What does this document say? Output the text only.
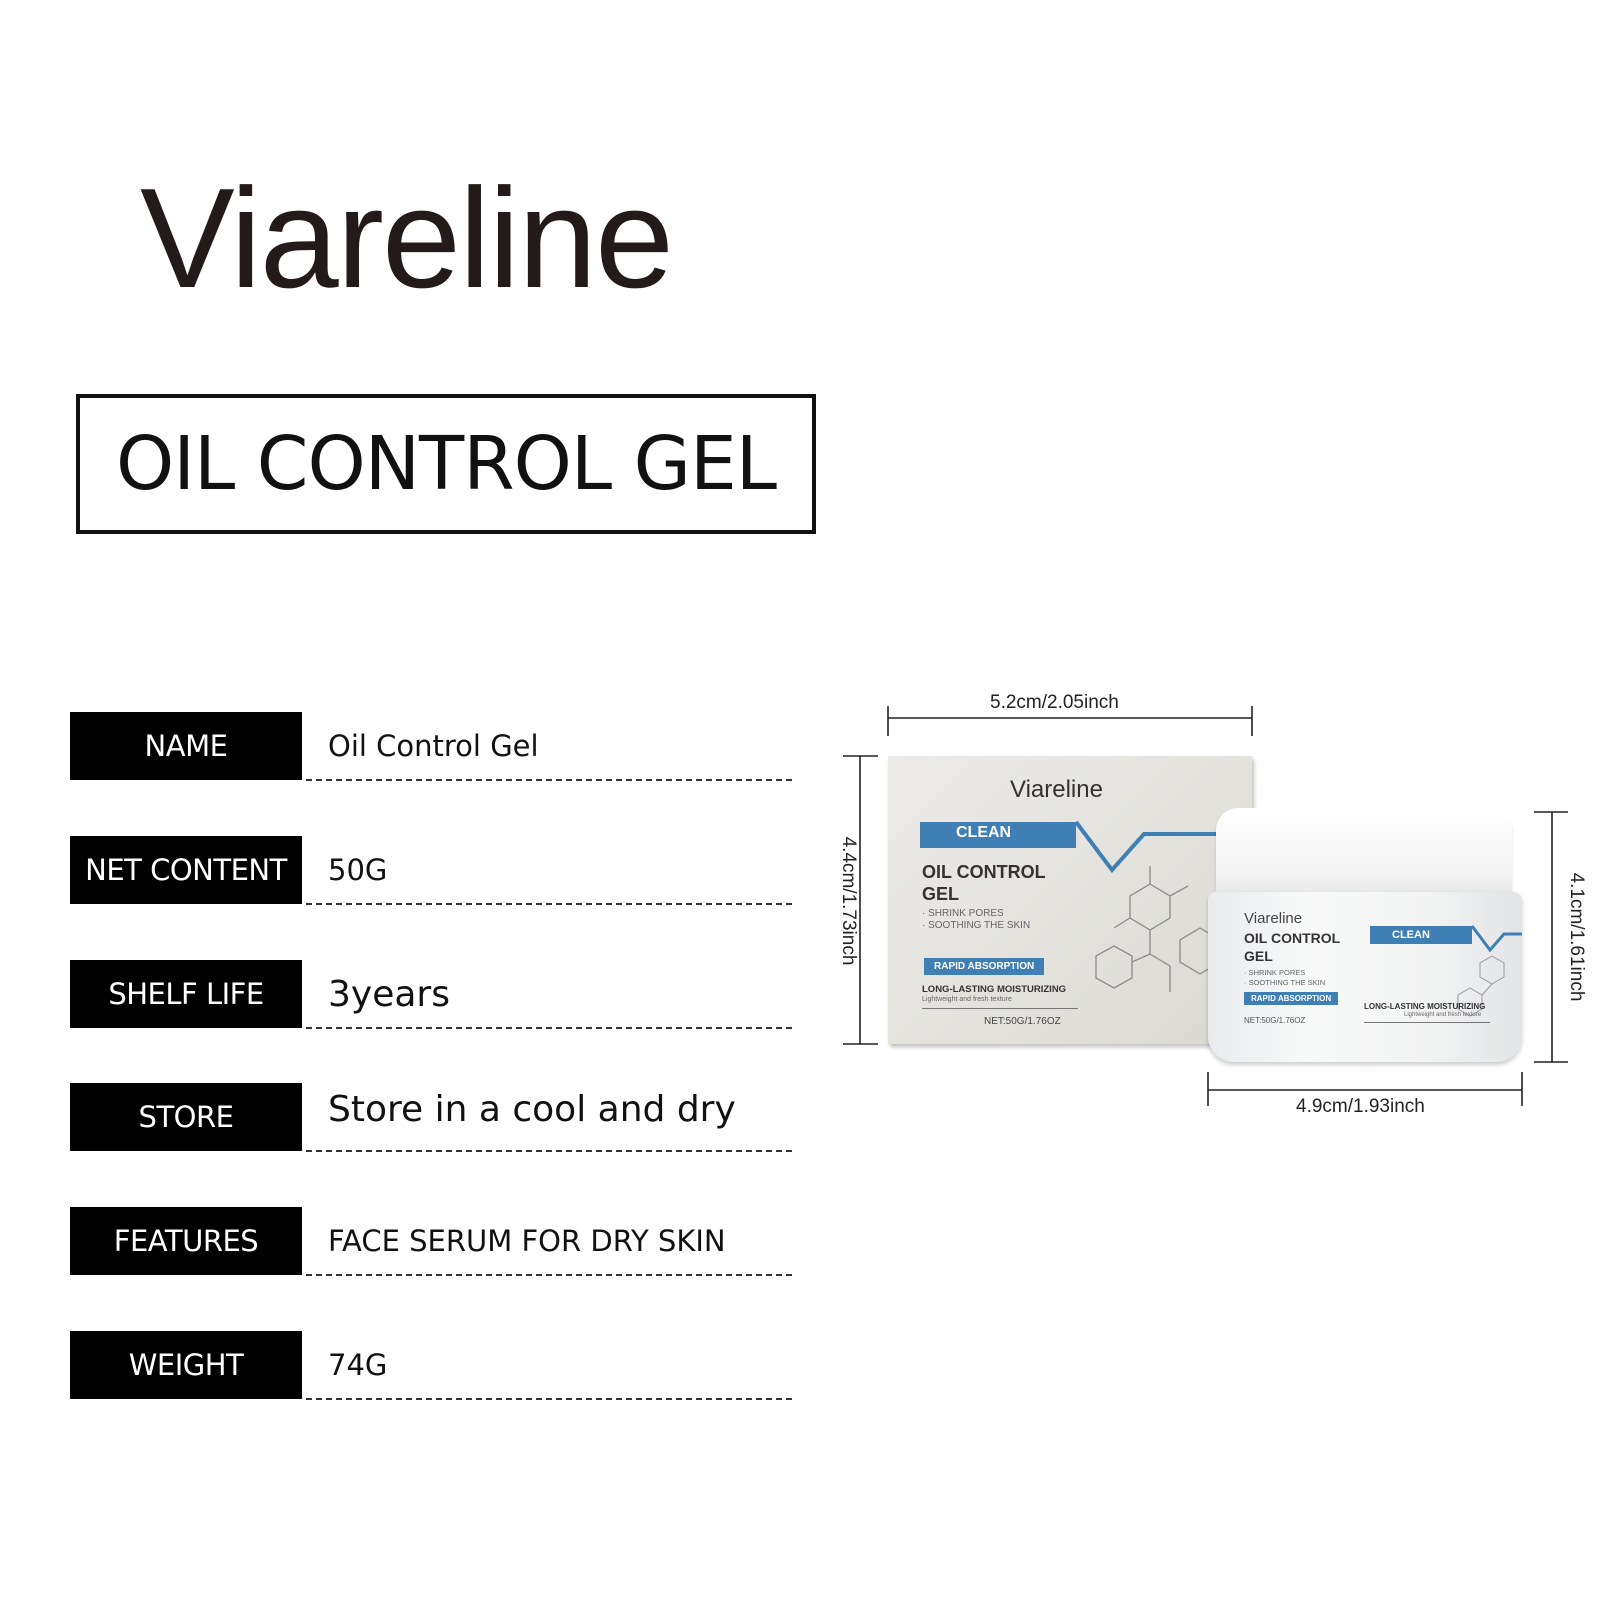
Viareline
OIL CONTROL GEL
NAME	Oil Control Gel
NET CONTENT	50G
SHELF LIFE	3years
STORE	Store in a cool and dry
FEATURES	FACE SERUM FOR DRY SKIN
WEIGHT	74G
5.2cm/2.05inch
4.4cm/1.73inch	4.1cm/1.61inch
4.9cm/1.93inch
Viareline
CLEAN
OIL CONTROL
GEL
· SHRINK PORES
· SOOTHING THE SKIN
RAPID ABSORPTION
LONG-LASTING MOISTURIZING
Lightweight and fresh texture
NET:50G/1.76OZ
Viareline
OIL CONTROL
GEL
· SHRINK PORES
· SOOTHING THE SKIN
CLEAN
RAPID ABSORPTION
NET:50G/1.76OZ
LONG-LASTING MOISTURIZING
Lightweight and fresh texture
